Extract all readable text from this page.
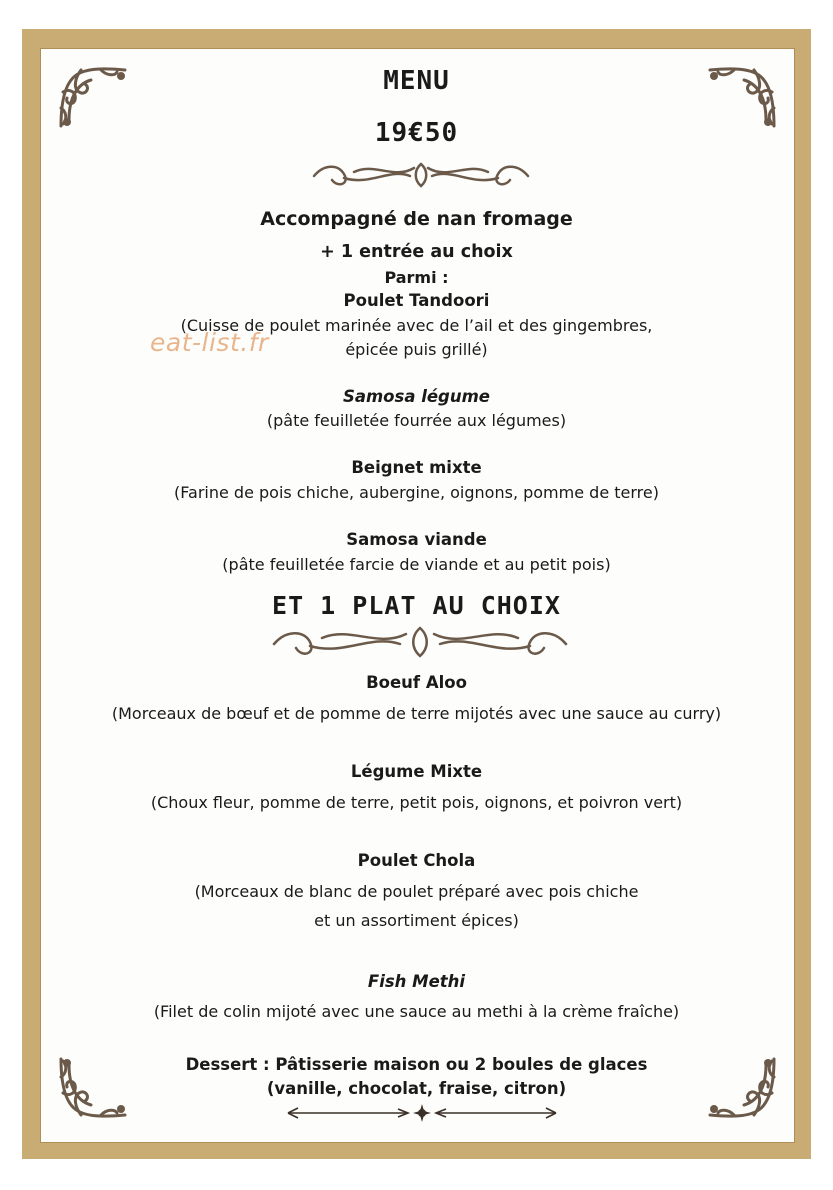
MENU
19€50
Accompagné de nan fromage
+ 1 entrée au choix
Parmi :
Poulet Tandoori
(Cuisse de poulet marinée avec de l’ail et des gingembres,
épicée puis grillé)
eat-list.fr
Samosa légume
(pâte feuilletée fourrée aux légumes)
Beignet mixte
(Farine de pois chiche, aubergine, oignons, pomme de terre)
Samosa viande
(pâte feuilletée farcie de viande et au petit pois)
ET 1 PLAT AU CHOIX
Boeuf Aloo
(Morceaux de bœuf et de pomme de terre mijotés avec une sauce au curry)
Légume Mixte
(Choux fleur, pomme de terre, petit pois, oignons, et poivron vert)
Poulet Chola
(Morceaux de blanc de poulet préparé avec pois chiche
et un assortiment épices)
Fish Methi
(Filet de colin mijoté avec une sauce au methi à la crème fraîche)
Dessert : Pâtisserie maison ou 2 boules de glaces
(vanille, chocolat, fraise, citron)
